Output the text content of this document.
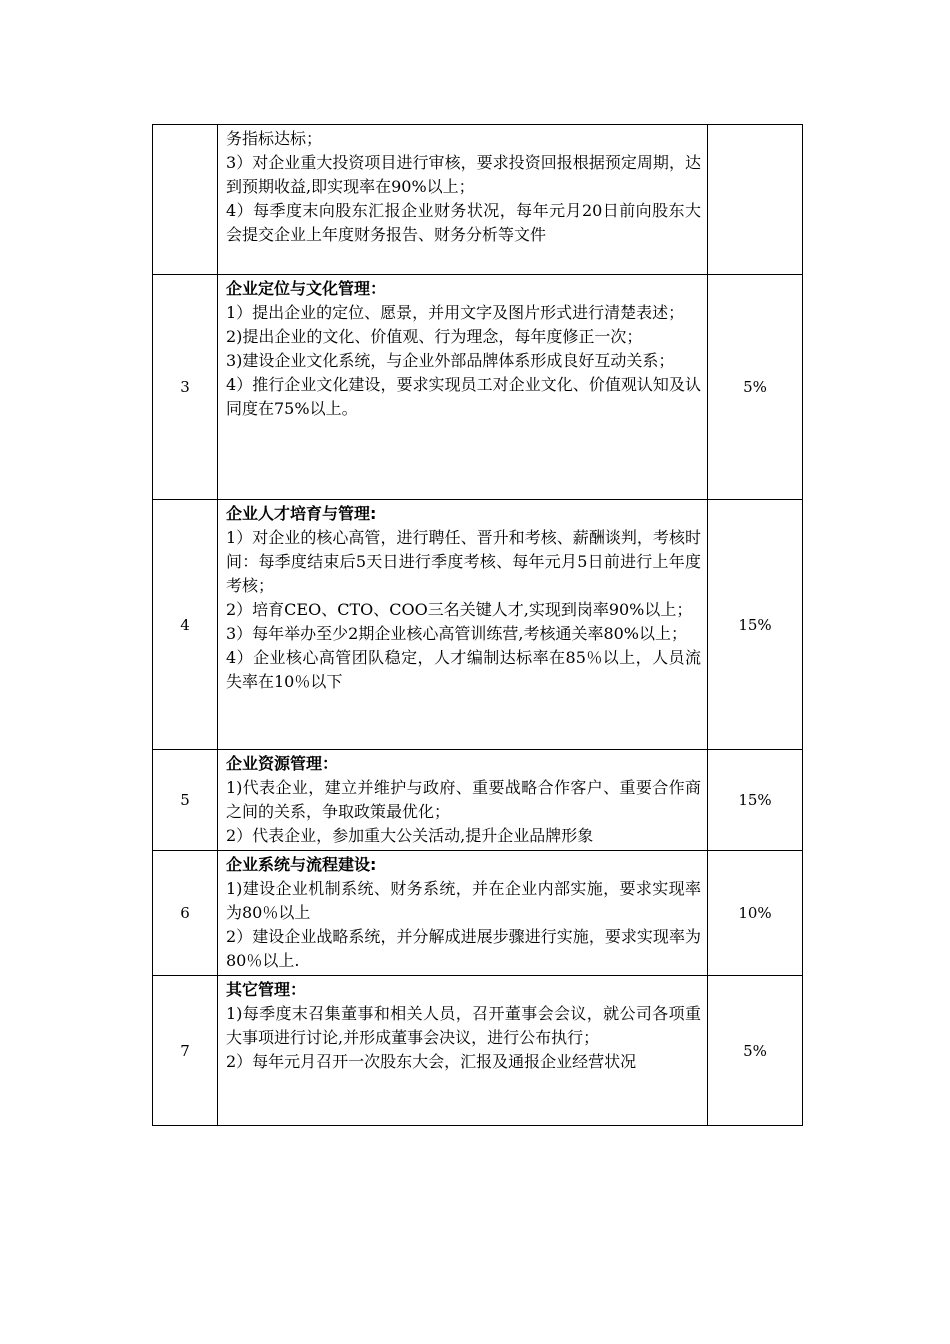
	务指标达标；
3）对企业重大投资项目进行审核，要求投资回报根据预定周期，达到预期收益,即实现率在90%以上；
4）每季度末向股东汇报企业财务状况，每年元月20日前向股东大会提交企业上年度财务报告、财务分析等文件	

3	企业定位与文化管理：
1）提出企业的定位、愿景，并用文字及图片形式进行清楚表述；
2)提出企业的文化、价值观、行为理念，每年度修正一次；
3)建设企业文化系统，与企业外部品牌体系形成良好互动关系；
4）推行企业文化建设，要求实现员工对企业文化、价值观认知及认同度在75%以上。	5%
4	企业人才培育与管理:
1）对企业的核心高管，进行聘任、晋升和考核、薪酬谈判，考核时间：每季度结束后5天日进行季度考核、每年元月5日前进行上年度考核；
2）培育CEO、CTO、COO三名关键人才,实现到岗率90%以上；
3）每年举办至少2期企业核心高管训练营,考核通关率80%以上；
4）企业核心高管团队稳定，人才编制达标率在85％以上，人员流失率在10％以下	15%
5	企业资源管理：
1)代表企业，建立并维护与政府、重要战略合作客户、重要合作商之间的关系，争取政策最优化；
2）代表企业，参加重大公关活动,提升企业品牌形象	15%
6	企业系统与流程建设:
1)建设企业机制系统、财务系统，并在企业内部实施，要求实现率为80％以上
2）建设企业战略系统，并分解成进展步骤进行实施，要求实现率为80％以上.	10%
7	其它管理：
1)每季度末召集董事和相关人员，召开董事会会议，就公司各项重大事项进行讨论,并形成董事会决议，进行公布执行；
2）每年元月召开一次股东大会，汇报及通报企业经营状况	5%
